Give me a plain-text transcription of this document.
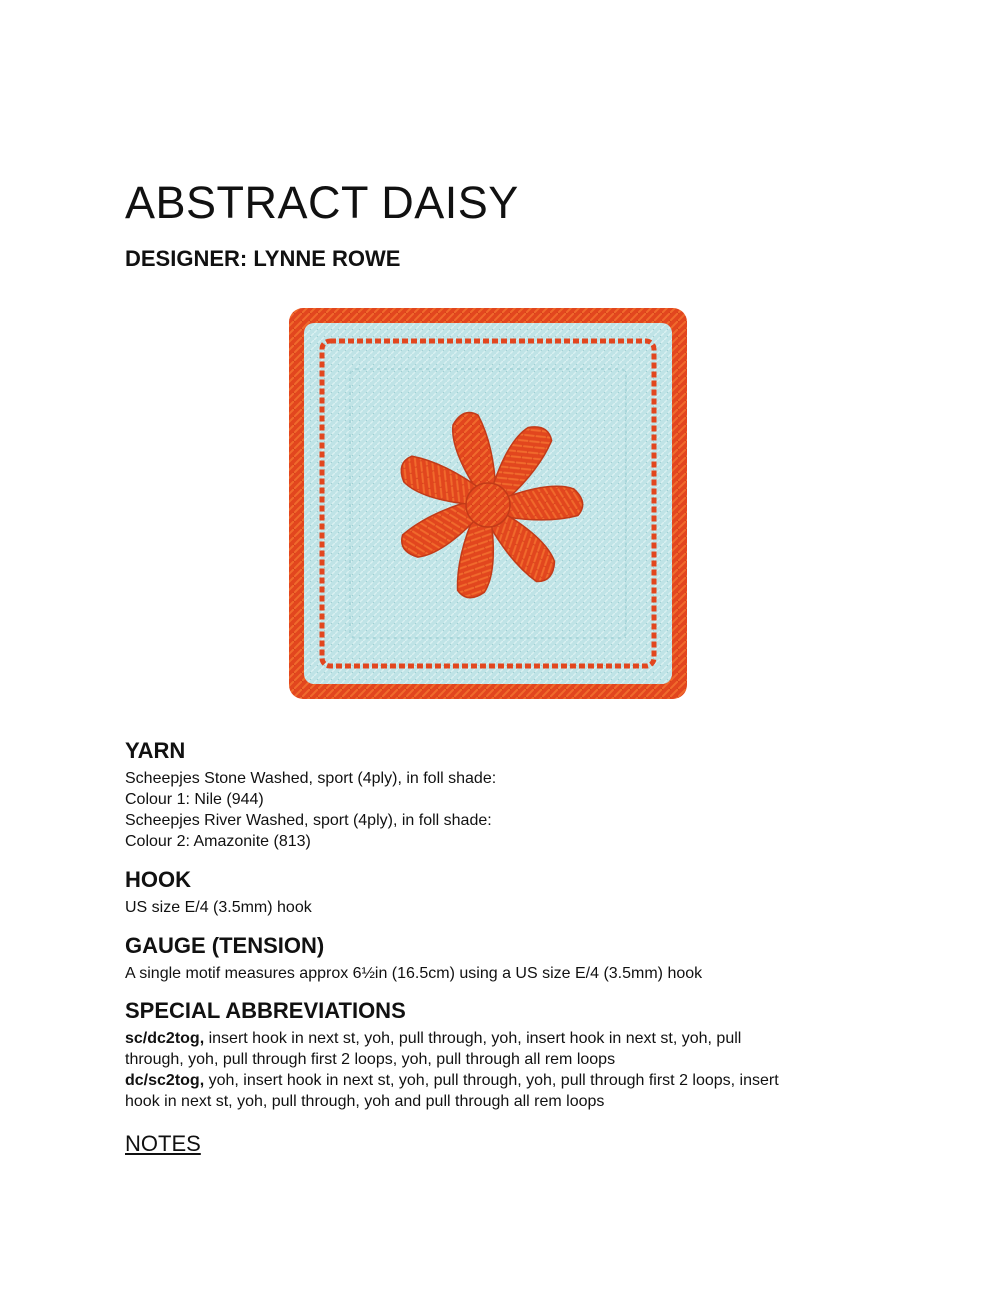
ABSTRACT DAISY
DESIGNER: LYNNE ROWE
YARN

Scheepjes Stone Washed, sport (4ply), in foll shade:
Colour 1: Nile (944)
Scheepjes River Washed, sport (4ply), in foll shade:
Colour 2: Amazonite (813)

HOOK

US size E/4 (3.5mm) hook

GAUGE (TENSION)

A single motif measures approx 6½in (16.5cm) using a US size E/4 (3.5mm) hook

SPECIAL ABBREVIATIONS

sc/dc2tog, insert hook in next st, yoh, pull through, yoh, insert hook in next st, yoh, pull
through, yoh, pull through first 2 loops, yoh, pull through all rem loops
dc/sc2tog, yoh, insert hook in next st, yoh, pull through, yoh, pull through first 2 loops, insert
hook in next st, yoh, pull through, yoh and pull through all rem loops

NOTES
